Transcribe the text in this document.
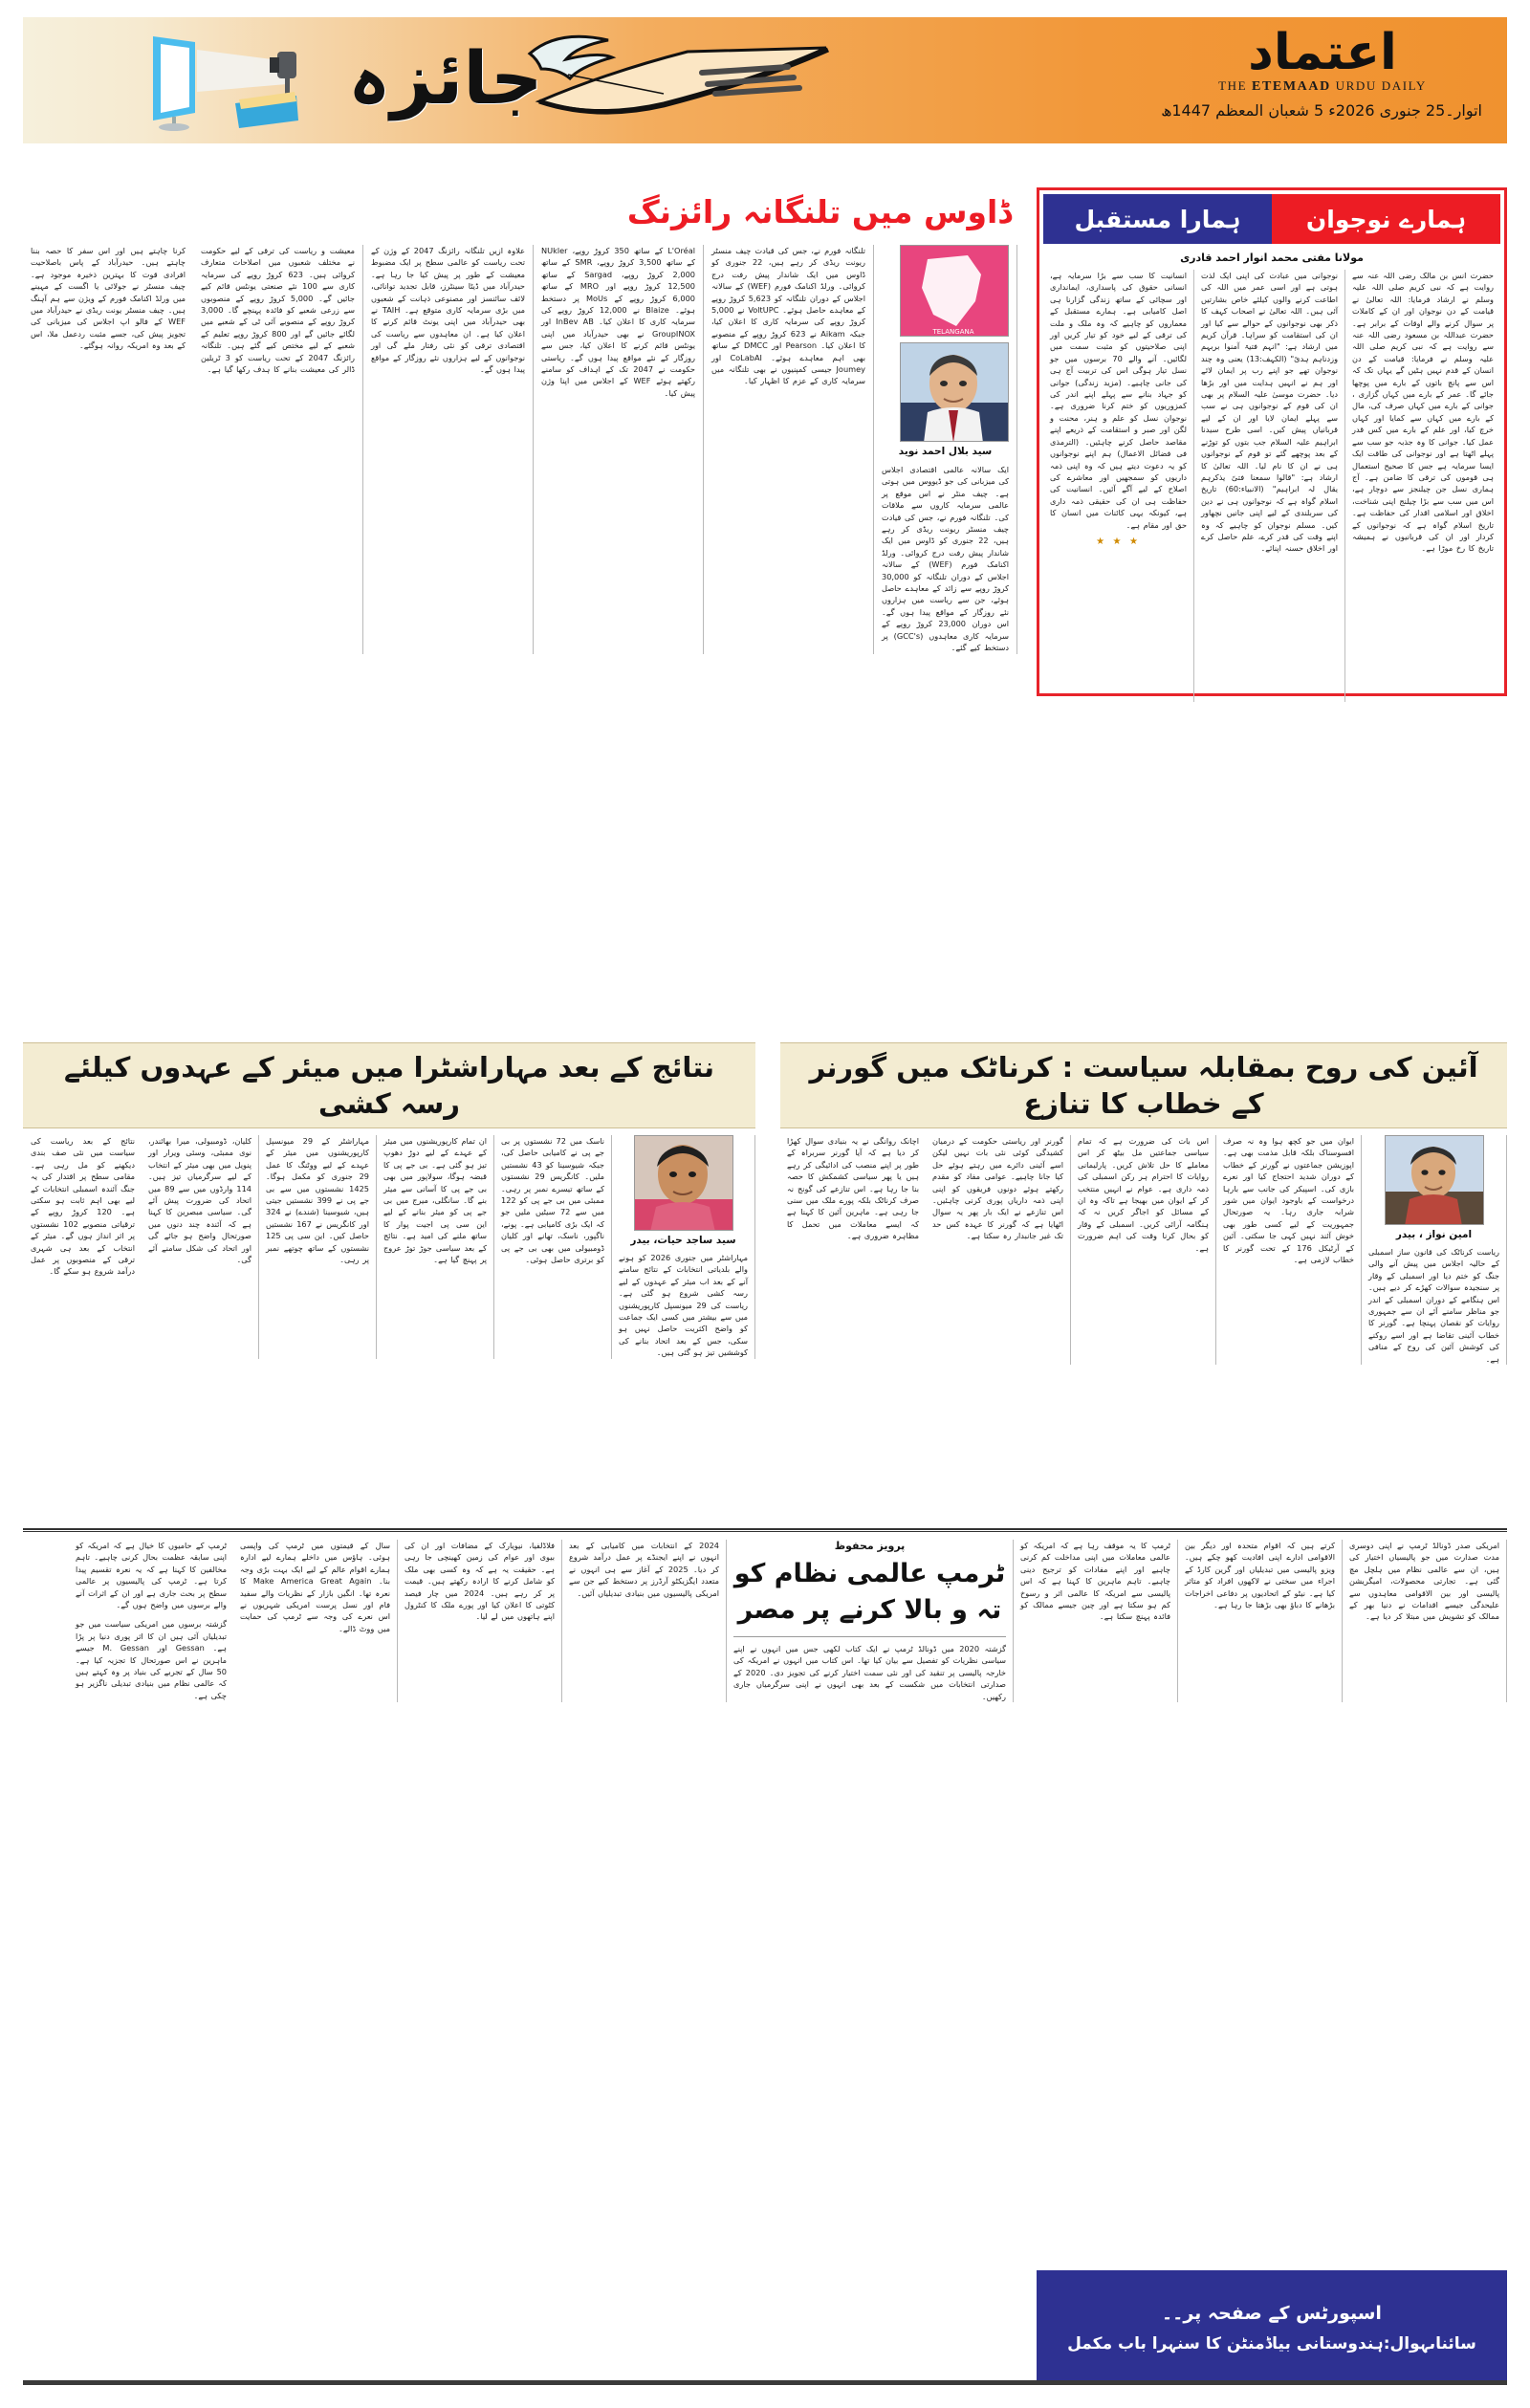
اعتماد
THE ETEMAAD URDU DAILY
اتوار۔25 جنوری 2026ء 5 شعبان المعظم 1447ھ
جائزہ
ڈاوس میں تلنگانہ رائزنگ
TELANGANA
سید بلال احمد نوید
ایک سالانہ عالمی اقتصادی اجلاس کی میزبانی کی جو ڈیووس میں ہوتی ہے۔ چیف منٹر نے اس موقع پر عالمی سرمایہ کاروں سے ملاقات کی۔ تلنگانہ فورم نے، جس کی قیادت چیف منسٹر ریونت ریڈی کر رہے ہیں، 22 جنوری کو ڈاوس میں ایک شاندار پیش رفت درج کروائی۔ ورلڈ اکنامک فورم (WEF) کے سالانہ اجلاس کے دوران تلنگانہ کو 30,000 کروڑ روپے سے زائد کے معاہدے حاصل ہوئے، جن سے ریاست میں ہزاروں نئے روزگار کے مواقع پیدا ہوں گے۔ اس دوران 23,000 کروڑ روپے کے سرمایہ کاری معاہدوں (GCC's) پر دستخط کیے گئے۔
تلنگانہ فورم نے، جس کی قیادت چیف منسٹر ریونت ریڈی کر رہے ہیں، 22 جنوری کو ڈاوس میں ایک شاندار پیش رفت درج کروائی۔ ورلڈ اکنامک فورم (WEF) کے سالانہ اجلاس کے دوران تلنگانہ کو 5,623 کروڑ روپے کے معاہدے حاصل ہوئے۔ VoltUPC نے 5,000 کروڑ روپے کی سرمایہ کاری کا اعلان کیا، جبکہ Aikam نے 623 کروڑ روپے کے منصوبے کا اعلان کیا۔ Pearson اور DMCC کے ساتھ بھی اہم معاہدے ہوئے۔ CoLabAI اور Joumey جیسی کمپنیوں نے بھی تلنگانہ میں سرمایہ کاری کے عزم کا اظہار کیا۔
L'Oréal کے ساتھ 350 کروڑ روپے، NUkler کے ساتھ 3,500 کروڑ روپے، SMR کے ساتھ 2,000 کروڑ روپے، Sargad کے ساتھ 12,500 کروڑ روپے اور MRO کے ساتھ 6,000 کروڑ روپے کے MoUs پر دستخط ہوئے۔ Blaize نے 12,000 کروڑ روپے کی سرمایہ کاری کا اعلان کیا۔ InBev AB اور GroupINOX نے بھی حیدرآباد میں اپنی یونٹس قائم کرنے کا اعلان کیا، جس سے روزگار کے نئے مواقع پیدا ہوں گے۔ ریاستی حکومت نے 2047 تک کے اہداف کو سامنے رکھتے ہوئے WEF کے اجلاس میں اپنا وژن پیش کیا۔
علاوہ ازیں تلنگانہ رائزنگ 2047 کے وژن کے تحت ریاست کو عالمی سطح پر ایک مضبوط معیشت کے طور پر پیش کیا جا رہا ہے۔ حیدرآباد میں ڈیٹا سینٹرز، قابل تجدید توانائی، لائف سائنسز اور مصنوعی ذہانت کے شعبوں میں بڑی سرمایہ کاری متوقع ہے۔ TAIH نے بھی حیدرآباد میں اپنی یونٹ قائم کرنے کا اعلان کیا ہے۔ ان معاہدوں سے ریاست کی اقتصادی ترقی کو نئی رفتار ملے گی اور نوجوانوں کے لیے ہزاروں نئے روزگار کے مواقع پیدا ہوں گے۔
معیشت و ریاست کی ترقی کے لیے حکومت نے مختلف شعبوں میں اصلاحات متعارف کروائی ہیں۔ 623 کروڑ روپے کی سرمایہ کاری سے 100 نئے صنعتی یونٹس قائم کیے جائیں گے۔ 5,000 کروڑ روپے کے منصوبوں سے زرعی شعبے کو فائدہ پہنچے گا۔ 3,000 کروڑ روپے کے منصوبے آئی ٹی کے شعبے میں لگائے جائیں گے اور 800 کروڑ روپے تعلیم کے شعبے کے لیے مختص کیے گئے ہیں۔ تلنگانہ رائزنگ 2047 کے تحت ریاست کو 3 ٹریلین ڈالر کی معیشت بنانے کا ہدف رکھا گیا ہے۔
کرنا چاہتے ہیں اور اس سفر کا حصہ بننا چاہتے ہیں۔ حیدرآباد کے پاس باصلاحیت افرادی قوت کا بہترین ذخیرہ موجود ہے۔ چیف منسٹر نے جولائی یا اگست کے مہینے میں ورلڈ اکنامک فورم کے ویژن سے ہم آہنگ ہیں۔ چیف منسٹر یونت ریڈی نے حیدرآباد میں WEF کے فالو اپ اجلاس کی میزبانی کی تجویز پیش کی، جسے مثبت ردعمل ملا، اس کے بعد وہ امریکہ روانہ ہوگئے۔
ہمارے نوجوان
ہمارا مستقبل
مولانا مفتی محمد انوار احمد قادری
حضرت انس بن مالک رضی اللہ عنہ سے روایت ہے کہ نبی کریم صلی اللہ علیہ وسلم نے ارشاد فرمایا: اللہ تعالیٰ نے قیامت کے دن نوجوان اور ان کے کاملات پر سوال کرنے والے اوقات کے برابر ہے۔ حضرت عبداللہ بن مسعود رضی اللہ عنہ سے روایت ہے کہ نبی کریم صلی اللہ علیہ وسلم نے فرمایا: قیامت کے دن انسان کے قدم نہیں ہٹیں گے یہاں تک کہ اس سے پانچ باتوں کے بارے میں پوچھا جائے گا۔ عمر کے بارے میں کہاں گزاری ، جوانی کے بارے میں کہاں صرف کی، مال کے بارے میں کہاں سے کمایا اور کہاں خرچ کیا، اور علم کے بارے میں کس قدر عمل کیا۔ جوانی کا وہ جذبہ جو سب سے پہلے اٹھتا ہے اور نوجوانی کی طاقت ایک ایسا سرمایہ ہے جس کا صحیح استعمال ہی قوموں کی ترقی کا ضامن ہے۔ آج ہماری نسل جن چیلنجز سے دوچار ہے، اس میں سب سے بڑا چیلنج اپنی شناخت، اخلاق اور اسلامی اقدار کی حفاظت ہے۔ تاریخ اسلام گواہ ہے کہ نوجوانوں کے کردار اور ان کی قربانیوں نے ہمیشہ تاریخ کا رخ موڑا ہے۔
نوجوانی میں عبادت کی اپنی ایک لذت ہوتی ہے اور اسی عمر میں اللہ کی اطاعت کرنے والوں کیلئے خاص بشارتیں آئی ہیں۔ اللہ تعالیٰ نے اصحاب کہف کا ذکر بھی نوجوانوں کے حوالے سے کیا اور ان کی استقامت کو سراہا۔ قرآن کریم میں ارشاد ہے: "انہم فتیۃ آمنوا بربہم وزدناہم ہدیً" (الکہف:13) یعنی وہ چند نوجوان تھے جو اپنے رب پر ایمان لائے اور ہم نے انہیں ہدایت میں اور بڑھا دیا۔ حضرت موسیٰ علیہ السلام پر بھی ان کی قوم کے نوجوانوں ہی نے سب سے پہلے ایمان لایا اور ان کے لیے قربانیاں پیش کیں۔ اسی طرح سیدنا ابراہیم علیہ السلام جب بتوں کو توڑنے کے بعد پوچھے گئے تو قوم کے نوجوانوں ہی نے ان کا نام لیا۔ اللہ تعالیٰ کا ارشاد ہے: "قالوا سمعنا فتیً یذکرہم یقال لہ ابراہیم" (الانبیاء:60) تاریخ اسلام گواہ ہے کہ نوجوانوں ہی نے دین کی سربلندی کے لیے اپنی جانیں نچھاور کیں۔ مسلم نوجوان کو چاہیے کہ وہ اپنے وقت کی قدر کرے، علم حاصل کرے اور اخلاق حسنہ اپنائے۔
انسانیت کا سب سے بڑا سرمایہ ہے، انسانی حقوق کی پاسداری، ایمانداری اور سچائی کے ساتھ زندگی گزارنا ہی اصل کامیابی ہے۔ ہمارے مستقبل کے معماروں کو چاہیے کہ وہ ملک و ملت کی ترقی کے لیے خود کو تیار کریں اور اپنی صلاحیتوں کو مثبت سمت میں لگائیں۔ آنے والے 70 برسوں میں جو نسل تیار ہوگی اس کی تربیت آج ہی کی جانی چاہیے۔ (مزید زندگی) جوانی کو جہاد بنانے سے پہلے اپنے اندر کی کمزوریوں کو ختم کرنا ضروری ہے۔ نوجوان نسل کو علم و ہنر، محنت و لگن اور صبر و استقامت کے ذریعے اپنے مقاصد حاصل کرنے چاہئیں۔ (الترمذی فی فضائل الاعمال) ہم اپنے نوجوانوں کو یہ دعوت دیتے ہیں کہ وہ اپنی ذمہ داریوں کو سمجھیں اور معاشرے کی اصلاح کے لیے آگے آئیں۔ انسانیت کی حفاظت ہی ان کی حقیقی ذمہ داری ہے، کیونکہ یہی کائنات میں انسان کا حق اور مقام ہے۔
★ ★ ★
آئین کی روح بمقابلہ سیاست : کرناٹک میں گورنر کے خطاب کا تنازع
امین نواز ، بیدر
ریاست کرناٹک کی قانون ساز اسمبلی کے حالیہ اجلاس میں پیش آنے والی جنگ کو ختم دیا اور اسمبلی کے وقار پر سنجیدہ سوالات کھڑے کر دیے ہیں۔ اس ہنگامے کے دوران اسمبلی کے اندر جو مناظر سامنے آئے ان سے جمہوری روایات کو نقصان پہنچا ہے۔ گورنر کا خطاب آئینی تقاضا ہے اور اسے روکنے کی کوشش آئین کی روح کے منافی ہے۔
ایوان میں جو کچھ ہوا وہ نہ صرف افسوسناک بلکہ قابل مذمت بھی ہے۔ اپوزیشن جماعتوں نے گورنر کے خطاب کے دوران شدید احتجاج کیا اور نعرے بازی کی۔ اسپیکر کی جانب سے بارہا درخواست کے باوجود ایوان میں شور شرابہ جاری رہا۔ یہ صورتحال جمہوریت کے لیے کسی طور بھی خوش آئند نہیں کہی جا سکتی۔ آئین کے آرٹیکل 176 کے تحت گورنر کا خطاب لازمی ہے۔
اس بات کی ضرورت ہے کہ تمام سیاسی جماعتیں مل بیٹھ کر اس معاملے کا حل تلاش کریں۔ پارلیمانی روایات کا احترام ہر رکن اسمبلی کی ذمہ داری ہے۔ عوام نے انہیں منتخب کر کے ایوان میں بھیجا ہے تاکہ وہ ان کے مسائل کو اجاگر کریں نہ کہ ہنگامہ آرائی کریں۔ اسمبلی کے وقار کو بحال کرنا وقت کی اہم ضرورت ہے۔
گورنر اور ریاستی حکومت کے درمیان کشیدگی کوئی نئی بات نہیں لیکن اسے آئینی دائرے میں رہتے ہوئے حل کیا جانا چاہیے۔ عوامی مفاد کو مقدم رکھتے ہوئے دونوں فریقوں کو اپنی اپنی ذمہ داریاں پوری کرنی چاہئیں۔ اس تنازعے نے ایک بار پھر یہ سوال اٹھایا ہے کہ گورنر کا عہدہ کس حد تک غیر جانبدار رہ سکتا ہے۔
اچانک روانگی نے یہ بنیادی سوال کھڑا کر دیا ہے کہ آیا گورنر سربراہ کے طور پر اپنے منصب کی ادائیگی کر رہے ہیں یا پھر سیاسی کشمکش کا حصہ بنا جا رہا ہے۔ اس تنازعے کی گونج نہ صرف کرناٹک بلکہ پورے ملک میں سنی جا رہی ہے۔ ماہرین آئین کا کہنا ہے کہ ایسے معاملات میں تحمل کا مظاہرہ ضروری ہے۔
نتائج کے بعد مہاراشٹرا میں میئر کے عہدوں کیلئے رسہ کشی
سید ساجد حیات، بیدر
مہاراشٹر میں جنوری 2026 کو ہونے والے بلدیاتی انتخابات کے نتائج سامنے آنے کے بعد اب میئر کے عہدوں کے لیے رسہ کشی شروع ہو گئی ہے۔ ریاست کی 29 میونسپل کارپوریشنوں میں سے بیشتر میں کسی ایک جماعت کو واضح اکثریت حاصل نہیں ہو سکی، جس کے بعد اتحاد بنانے کی کوششیں تیز ہو گئی ہیں۔
ناسک میں 72 نشستوں پر بی جے پی نے کامیابی حاصل کی، جبکہ شیوسینا کو 43 نشستیں ملیں۔ کانگریس 29 نشستوں کے ساتھ تیسرے نمبر پر رہی۔ ممبئی میں بی جے پی کو 122 میں سے 72 سیٹیں ملیں جو کہ ایک بڑی کامیابی ہے۔ پونے، ناگپور، ناسک، تھانے اور کلیان ڈومبیولی میں بھی بی جے پی کو برتری حاصل ہوئی۔
ان تمام کارپوریشنوں میں میئر کے عہدے کے لیے دوڑ دھوپ تیز ہو گئی ہے۔ بی جے پی کا قبضہ ہوگا، سولاپور میں بھی بی جے پی کا آسانی سے میئر بنے گا۔ سانگلی، میرج میں بی جے پی کو میئر بنانے کے لیے این سی پی اجیت پوار کا ساتھ ملنے کی امید ہے۔ نتائج کے بعد سیاسی جوڑ توڑ عروج پر پہنچ گیا ہے۔
مہاراشٹر کے 29 میونسپل کارپوریشنوں میں میئر کے عہدے کے لیے ووٹنگ کا عمل 29 جنوری کو مکمل ہوگا۔ 1425 نشستوں میں سے بی جے پی نے 399 نشستیں جیتی ہیں، شیوسینا (شندے) نے 324 اور کانگریس نے 167 نشستیں حاصل کیں۔ این سی پی 125 نشستوں کے ساتھ چوتھے نمبر پر رہی۔
کلیان، ڈومبیولی، میرا بھائندر، نوی ممبئی، وسئی ویرار اور پنویل میں بھی میئر کے انتخاب کے لیے سرگرمیاں تیز ہیں۔ 114 وارڈوں میں سے 89 میں اتحاد کی ضرورت پیش آئے گی۔ سیاسی مبصرین کا کہنا ہے کہ آئندہ چند دنوں میں صورتحال واضح ہو جائے گی اور اتحاد کی شکل سامنے آئے گی۔
نتائج کے بعد ریاست کی سیاست میں نئی صف بندی دیکھنے کو مل رہی ہے۔ مقامی سطح پر اقتدار کی یہ جنگ آئندہ اسمبلی انتخابات کے لیے بھی اہم ثابت ہو سکتی ہے۔ 120 کروڑ روپے کے ترقیاتی منصوبے 102 نشستوں پر اثر انداز ہوں گے۔ میئر کے انتخاب کے بعد ہی شہری ترقی کے منصوبوں پر عمل درآمد شروع ہو سکے گا۔
امریکی صدر ڈونالڈ ٹرمپ نے اپنی دوسری مدت صدارت میں جو پالیسیاں اختیار کی ہیں، ان سے عالمی نظام میں ہلچل مچ گئی ہے۔ تجارتی محصولات، امیگریشن پالیسی اور بین الاقوامی معاہدوں سے علیحدگی جیسے اقدامات نے دنیا بھر کے ممالک کو تشویش میں مبتلا کر دیا ہے۔
کرتے ہیں کہ اقوام متحدہ اور دیگر بین الاقوامی ادارے اپنی افادیت کھو چکے ہیں۔ ویزو پالیسی میں تبدیلیاں اور گرین کارڈ کے اجراء میں سختی نے لاکھوں افراد کو متاثر کیا ہے۔ نیٹو کے اتحادیوں پر دفاعی اخراجات بڑھانے کا دباؤ بھی بڑھتا جا رہا ہے۔
ٹرمپ کا یہ موقف رہا ہے کہ امریکہ کو عالمی معاملات میں اپنی مداخلت کم کرنی چاہیے اور اپنے مفادات کو ترجیح دینی چاہیے۔ تاہم ماہرین کا کہنا ہے کہ اس پالیسی سے امریکہ کا عالمی اثر و رسوخ کم ہو سکتا ہے اور چین جیسے ممالک کو فائدہ پہنچ سکتا ہے۔
پرویز محفوظ
ٹرمپ عالمی نظام کو تہ و بالا کرنے پر مصر
گزشتہ 2020 میں ڈونالڈ ٹرمپ نے ایک کتاب لکھی جس میں انہوں نے اپنے سیاسی نظریات کو تفصیل سے بیان کیا تھا۔ اس کتاب میں انہوں نے امریکہ کی خارجہ پالیسی پر تنقید کی اور نئی سمت اختیار کرنے کی تجویز دی۔ 2020 کے صدارتی انتخابات میں شکست کے بعد بھی انہوں نے اپنی سرگرمیاں جاری رکھیں۔
2024 کے انتخابات میں کامیابی کے بعد انہوں نے اپنے ایجنڈے پر عمل درآمد شروع کر دیا۔ 2025 کے آغاز سے ہی انہوں نے متعدد ایگزیکٹو آرڈرز پر دستخط کیے جن سے امریکی پالیسیوں میں بنیادی تبدیلیاں آئیں۔
فلاڈلفیا، نیویارک کے مضافات اور ان کی بیوی اور عوام کی زمین کھینچی جا رہی ہے۔ حقیقت یہ ہے کہ وہ کسی بھی ملک کو شامل کرنے کا ارادہ رکھتے ہیں۔ قیمت پر کر رہے ہیں۔ 2024 میں چار فیصد کٹوتی کا اعلان کیا اور پورے ملک کا کنٹرول اپنے ہاتھوں میں لے لیا۔
سال کے قیمتوں میں ٹرمپ کی واپسی ہوئی۔ ہاؤس میں داخلے ہمارے لیے ادارہ ہمارے اقوام عالم کے لیے ایک بہت بڑی وجہ بنا۔ Make America Great Again کا نعرہ تھا۔ انگیں بازار کے نظریات والے سفید فام اور نسل پرست امریکی شہریوں نے اس نعرے کی وجہ سے ٹرمپ کی حمایت میں ووٹ ڈالے۔
ٹرمپ کے حامیوں کا خیال ہے کہ امریکہ کو اپنی سابقہ عظمت بحال کرنی چاہیے۔ تاہم مخالفین کا کہنا ہے کہ یہ نعرہ تقسیم پیدا کرتا ہے۔ ٹرمپ کی پالیسیوں پر عالمی سطح پر بحث جاری ہے اور ان کے اثرات آنے والے برسوں میں واضح ہوں گے۔
گزشتہ برسوں میں امریکی سیاست میں جو تبدیلیاں آئی ہیں ان کا اثر پوری دنیا پر پڑا ہے۔ Gessan اور M. Gessan جیسے ماہرین نے اس صورتحال کا تجزیہ کیا ہے۔ 50 سال کے تجربے کی بنیاد پر وہ کہتے ہیں کہ عالمی نظام میں بنیادی تبدیلی ناگزیر ہو چکی ہے۔
اسپورٹس کے صفحہ پر۔۔
سائناںہوال:ہندوستانی بیاڈمنٹن کا سنہرا باب مکمل
